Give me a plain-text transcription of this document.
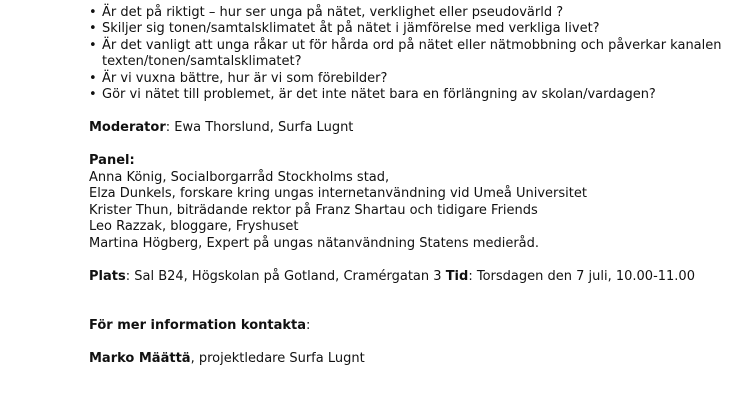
• Är det på riktigt – hur ser unga på nätet, verklighet eller pseudovärld ?
• Skiljer sig tonen/samtalsklimatet åt på nätet i jämförelse med verkliga livet?
• Är det vanligt att unga råkar ut för hårda ord på nätet eller nätmobbning och påverkar kanalen texten/tonen/samtalsklimatet?
• Är vi vuxna bättre, hur är vi som förebilder?
• Gör vi nätet till problemet, är det inte nätet bara en förlängning av skolan/vardagen?

Moderator: Ewa Thorslund, Surfa Lugnt

Panel:

Anna König, Socialborgarråd Stockholms stad,

Elza Dunkels, forskare kring ungas internetanvändning vid Umeå Universitet

Krister Thun, biträdande rektor på Franz Shartau och tidigare Friends

Leo Razzak, bloggare, Fryshuset

Martina Högberg, Expert på ungas nätanvändning Statens medieråd.

Plats: Sal B24, Högskolan på Gotland, Cramérgatan 3 Tid: Torsdagen den 7 juli, 10.00-11.00

För mer information kontakta:

Marko Määttä, projektledare Surfa Lugnt
